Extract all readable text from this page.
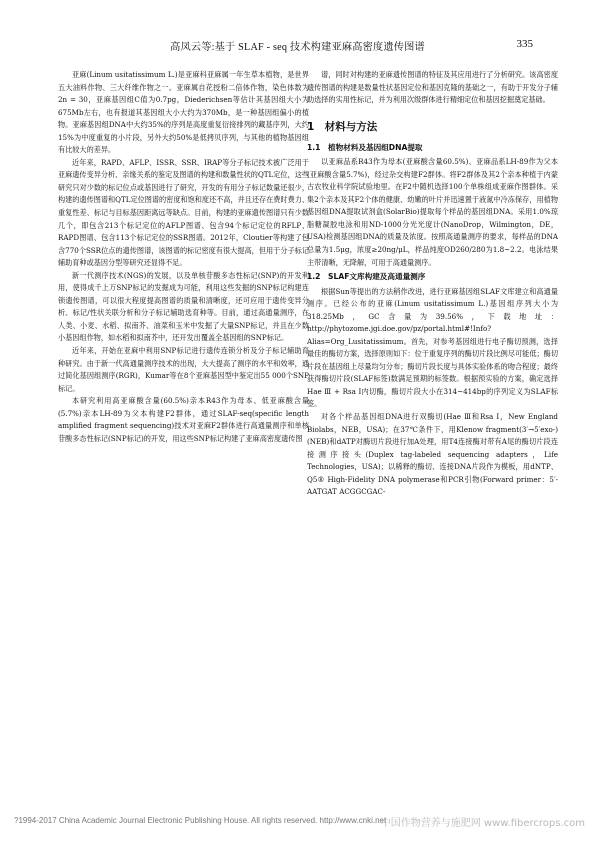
高凤云等:基于 SLAF - seq 技术构建亚麻高密度遗传图谱	335

亚麻(Linum usitatissimum L.)是亚麻科亚麻属一年生草本植物，是世界五大油料作物、三大纤维作物之一。亚麻属自花授粉二倍体作物，染色体数为2n = 30，亚麻基因组C值为0.7pg，Diederichsen等估计其基因组大小为675Mb左右，也有报道其基因组大小大约为370Mb，是一种基因组偏小的植物。亚麻基因组DNA中大约35%的序列是高度重复衍接排列的藏基序列，大约15%为中度重复的小片段，另外大约50%是低拷贝序列，与其他的植物基因组有比较大的差异。

近年来，RAPD、AFLP、ISSR、SSR、IRAP等分子标记技术被广泛用于亚麻遗传变异分析、亲缘关系的鉴定及图谱的构建和数量性状的QTL定位，这些研究只对少数的标记位点或基因进行了研究，开发的有用分子标记数量还很少，构建的遗传图谱和QTL定位图谱的密度和饱和度还不高，并且还存在费时费力、重复性差、标记与目标基因距离远等缺点。目前，构建的亚麻遗传图谱只有少数几个，即包含213个标记定位的AFLP图谱、包含94个标记定位的RFLP、RAPD图谱、包含113个标记定位的SSR图谱。2012年，Cloutier等构建了包含770个SSR位点的遗传图谱，该图谱的标记密度有很大提高，但用于分子标记辅助育种或基因分型等研究还显得不足。

新一代测序技术(NGS)的发展，以及单核苷酸多态性标记(SNP)的开发利用，使得成千上万SNP标记的发掘成为可能，利用这些发掘的SNP标记构建连锁遗传图谱，可以很大程度提高图谱的质量和清晰度，还可应用于遗传变异分析、标记/性状关联分析和分子标记辅助选育种等。目前，通过高通量测序，在人类、小麦、水稻、拟南芥、油菜和玉米中发掘了大量SNP标记，并且在少数小基因组作物，如水稻和拟南芥中，还开发出覆盖全基因组的SNP标记。

近年来，开始在亚麻中利用SNP标记进行遗传连锁分析及分子标记辅助育种研究。由于新一代高通量测序技术的出现，大大提高了测序的水平和效率，通过简化基因组测序(RGR)，Kumar等在8个亚麻基因型中鉴定出55 000个SNP标记。

本研究利用高亚麻酸含量(60.5%)亲本R43作为母本、低亚麻酸含量(5.7%)亲本LH-89为父本构建F2群体，通过SLAF-seq(specific length amplified fragment sequencing)技术对亚麻F2群体进行高通量测序和单核苷酸多态性标记(SNP标记)的开发，用这些SNP标记构建了亚麻高密度遗传图

谱，同时对构建的亚麻遗传图谱的特征及其应用进行了分析研究。该高密度遗传图谱的构建是数量性状基因定位和基因克隆的基础之一，有助于开发分子辅助选择的实用性标记，并为利用次级群体进行精细定位和基因挖掘奠定基础。

1　材料与方法
1.1　植物材料及基因组DNA提取

以亚麻品系R43作为母本(亚麻酸含量60.5%)、亚麻品系LH-89作为父本(亚麻酸含量5.7%)，经过杂交构建F2群体。将F2群体及其2个亲本种植于内蒙古农牧业科学院试验地里。在F2中随机选择100个单株组成亚麻作图群体。采集2个亲本及其F2个体的健康、幼嫩的叶片并迅速置于液氮中冷冻保存，用植物基因组DNA提取试剂盒(SolarBio)提取每个样品的基因组DNA。采用1.0%琼脂糖凝胶电泳和用ND-1000分光光度计(NanoDrop，Wilmington，DE，USA)检测基因组DNA的质量及浓度。按照高通量测序的要求，每样品的DNA总量为1.5μg，浓度≥20ng/μL，样品纯度OD260/280为1.8~2.2。电泳结果主带清晰，无降解，可用于高通量测序。

1.2　SLAF文库构建及高通量测序

根据Sun等提出的方法稍作改进，进行亚麻基因组SLAF文库建立和高通量测序。已经公布的亚麻(Linum usitatissimum L.)基因组序列大小为318.25Mb，GC含量为39.56%，下载地址：http://phytozome.jgi.doe.gov/pz/portal.html#!Info?Alias=Org_Lusitatissimum。首先，对参考基因组进行电子酶切预测，选择最佳的酶切方案，选择原则如下：位于重复序列的酶切片段比例尽可能低；酶切片段在基因组上尽量均匀分布；酶切片段长度与具体实验体系的吻合程度；最终获得酶切片段(SLAF标签)数满足预期的标签数。根据预实验的方案，确定选择Hae Ⅲ + Rsa Ⅰ内切酶，酶切片段大小在314~414bp的序列定义为SLAF标签。

对各个样品基因组DNA进行双酶切(Hae Ⅲ和Rsa Ⅰ，New England Biolabs，NEB，USA)；在37℃条件下，用Klenow fragment(3′→5′exo-)(NEB)和dATP对酶切片段进行加A处理，用T4连接酶对带有A尾的酶切片段连接测序接头(Duplex tag-labeled sequencing adapters，Life Technologies，USA)；以稀释的酶切、连接DNA片段作为模板，用dNTP、Q5® High-Fidelity DNA polymerase和PCR引物(Forward primer：5′- AATGAT ACGGCGAC-

?1994-2017 China Academic Journal Electronic Publishing House. All rights reserved. http://www.cnki.net
中国作物营养与施肥网 www.fibercrops.com
